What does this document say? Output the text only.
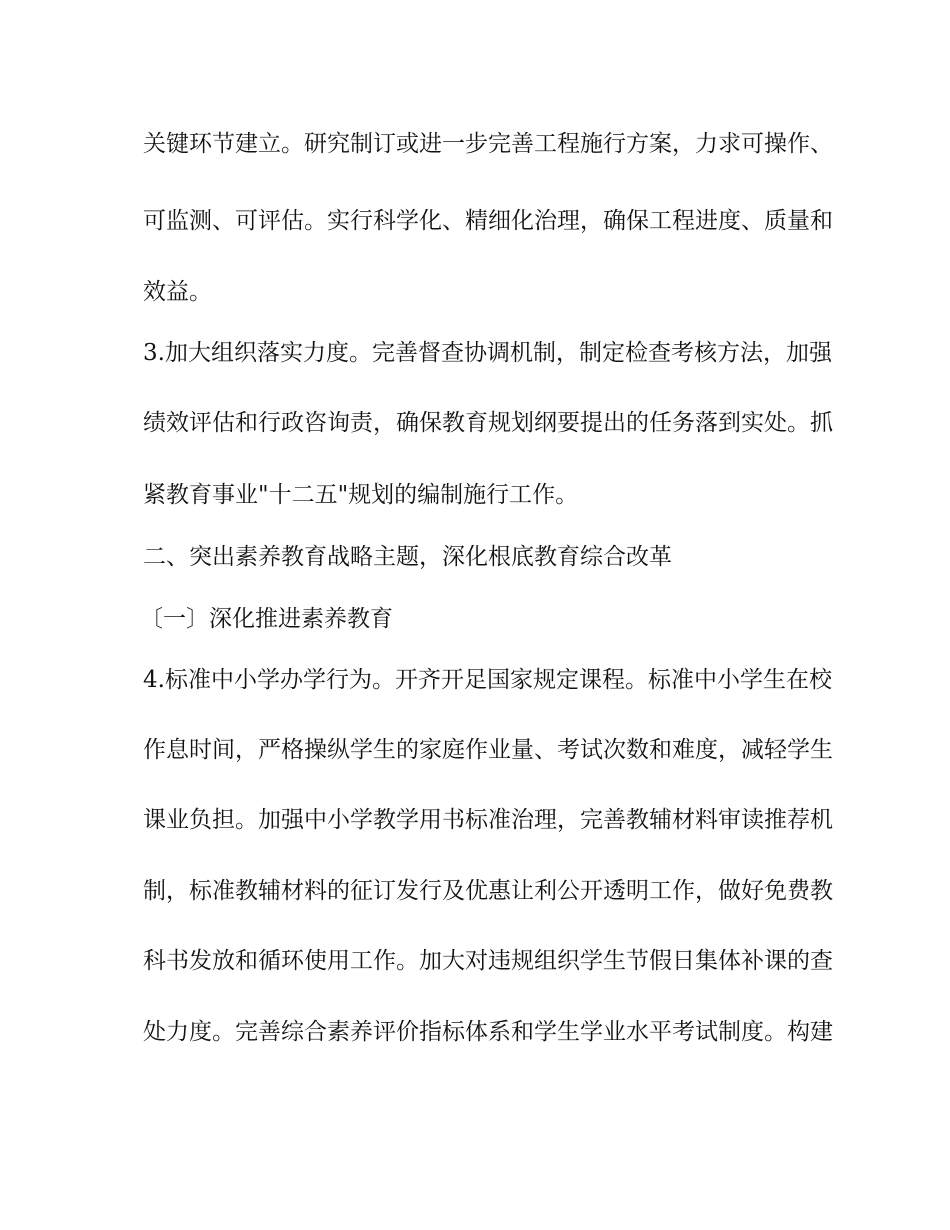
关键环节建立。研究制订或进一步完善工程施行方案，力求可操作、
可监测、可评估。实行科学化、精细化治理，确保工程进度、质量和
效益。
3.加大组织落实力度。完善督查协调机制，制定检查考核方法，加强
绩效评估和行政咨询责，确保教育规划纲要提出的任务落到实处。抓
紧教育事业"十二五"规划的编制施行工作。
二、突出素养教育战略主题，深化根底教育综合改革
〔一〕深化推进素养教育
4.标准中小学办学行为。开齐开足国家规定课程。标准中小学生在校
作息时间，严格操纵学生的家庭作业量、考试次数和难度，减轻学生
课业负担。加强中小学教学用书标准治理，完善教辅材料审读推荐机
制，标准教辅材料的征订发行及优惠让利公开透明工作，做好免费教
科书发放和循环使用工作。加大对违规组织学生节假日集体补课的查
处力度。完善综合素养评价指标体系和学生学业水平考试制度。构建
